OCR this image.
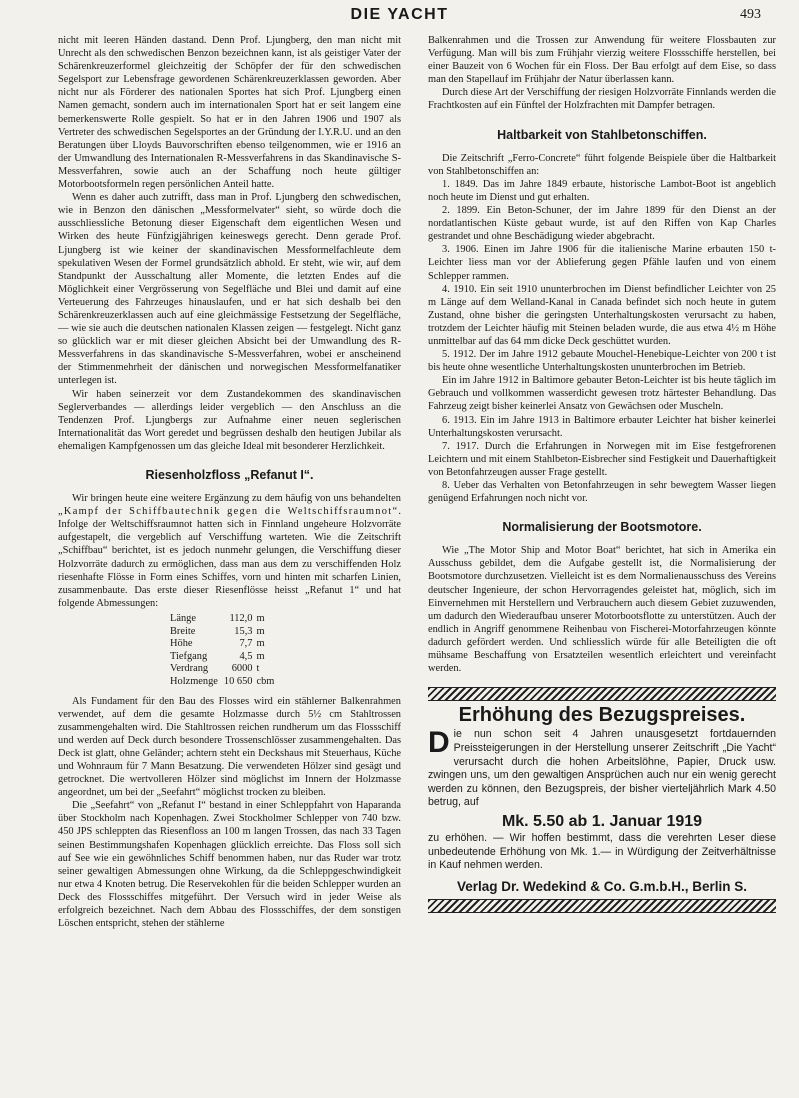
DIE YACHT	493

nicht mit leeren Händen dastand. Denn Prof. Ljungberg, den man nicht mit Unrecht als den schwedischen Benzon bezeichnen kann, ist als geistiger Vater der Schärenkreuzerformel gleichzeitig der Schöpfer der für den schwedischen Segelsport zur Lebensfrage gewordenen Schärenkreuzerklassen geworden. Aber nicht nur als Förderer des nationalen Sportes hat sich Prof. Ljungberg einen Namen gemacht, sondern auch im internationalen Sport hat er seit langem eine bemerkenswerte Rolle gespielt. So hat er in den Jahren 1906 und 1907 als Vertreter des schwedischen Segelsportes an der Gründung der I.Y.R.U. und an den Beratungen über Lloyds Bauvorschriften ebenso teilgenommen, wie er 1916 an der Umwandlung des Internationalen R-Messverfahrens in das Skandinavische S-Messverfahren, sowie auch an der Schaffung noch heute gültiger Motorbootsformeln regen persönlichen Anteil hatte.

Wenn es daher auch zutrifft, dass man in Prof. Ljungberg den schwedischen, wie in Benzon den dänischen „Messformelvater“ sieht, so würde doch die ausschliessliche Betonung dieser Eigenschaft dem eigentlichen Wesen und Wirken des heute Fünfzigjährigen keineswegs gerecht. Denn gerade Prof. Ljungberg ist wie keiner der skandinavischen Messformelfachleute dem spekulativen Wesen der Formel grundsätzlich abhold. Er steht, wie wir, auf dem Standpunkt der Ausschaltung aller Momente, die letzten Endes auf die Möglichkeit einer Vergrösserung von Segelfläche und Blei und damit auf eine Verteuerung des Fahrzeuges hinauslaufen, und er hat sich deshalb bei den Schärenkreuzerklassen auch auf eine gleichmässige Festsetzung der Segelfläche, — wie sie auch die deutschen nationalen Klassen zeigen — festgelegt. Nicht ganz so glücklich war er mit dieser gleichen Absicht bei der Umwandlung des R-Messverfahrens in das skandinavische S-Messverfahren, wobei er anscheinend der Stimmenmehrheit der dänischen und norwegischen Messformelfanatiker unterlegen ist.

Wir haben seinerzeit vor dem Zustandekommen des skandinavischen Seglerverbandes — allerdings leider vergeblich — den Anschluss an die Tendenzen Prof. Ljungbergs zur Aufnahme einer neuen seglerischen Internationalität das Wort geredet und begrüssen deshalb den heutigen Jubilar als ehemaligen Kampfgenossen um das gleiche Ideal mit besonderer Herzlichkeit.

Riesenholzfloss „Refanut I“.

Wir bringen heute eine weitere Ergänzung zu dem häufig von uns behandelten „Kampf der Schiffbautechnik gegen die Weltschiffsraumnot“. Infolge der Weltschiffsraumnot hatten sich in Finnland ungeheure Holzvorräte aufgestapelt, die vergeblich auf Verschiffung warteten. Wie die Zeitschrift „Schiffbau“ berichtet, ist es jedoch nunmehr gelungen, die Verschiffung dieser Holzvorräte dadurch zu ermöglichen, dass man aus dem zu verschiffenden Holz riesenhafte Flösse in Form eines Schiffes, vorn und hinten mit scharfen Linien, zusammenbaute. Das erste dieser Riesenflösse heisst „Refanut 1“ und hat folgende Abmessungen:

Länge	112,0	m
Breite	15,3	m
Höhe	7,7	m
Tiefgang	4,5	m
Verdrang	6000	t
Holzmenge	10 650	cbm

Als Fundament für den Bau des Flosses wird ein stählerner Balkenrahmen verwendet, auf dem die gesamte Holzmasse durch 5½ cm Stahltrossen zusammengehalten wird. Die Stahltrossen reichen rundherum um das Flossschiff und werden auf Deck durch besondere Trossenschlösser zusammengehalten. Das Deck ist glatt, ohne Geländer; achtern steht ein Deckshaus mit Steuerhaus, Küche und Wohnraum für 7 Mann Besatzung. Die verwendeten Hölzer sind gesägt und getrocknet. Die wertvolleren Hölzer sind möglichst im Innern der Holzmasse angeordnet, um bei der „Seefahrt“ möglichst trocken zu bleiben.

Die „Seefahrt“ von „Refanut I“ bestand in einer Schleppfahrt von Haparanda über Stockholm nach Kopenhagen. Zwei Stockholmer Schlepper von 740 bzw. 450 JPS schleppten das Riesenfloss an 100 m langen Trossen, das nach 33 Tagen seinen Bestimmungshafen Kopenhagen glücklich erreichte. Das Floss soll sich auf See wie ein gewöhnliches Schiff benommen haben, nur das Ruder war trotz seiner gewaltigen Abmessungen ohne Wirkung, da die Schleppgeschwindigkeit nur etwa 4 Knoten betrug. Die Reservekohlen für die beiden Schlepper wurden an Deck des Flossschiffes mitgeführt. Der Versuch wird in jeder Weise als erfolgreich bezeichnet. Nach dem Abbau des Flossschiffes, der dem sonstigen Löschen entspricht, stehen der stählerne

Balkenrahmen und die Trossen zur Anwendung für weitere Flossbauten zur Verfügung. Man will bis zum Frühjahr vierzig weitere Flossschiffe herstellen, bei einer Bauzeit von 6 Wochen für ein Floss. Der Bau erfolgt auf dem Eise, so dass man den Stapellauf im Frühjahr der Natur überlassen kann.

Durch diese Art der Verschiffung der riesigen Holzvorräte Finnlands werden die Frachtkosten auf ein Fünftel der Holzfrachten mit Dampfer betragen.

Haltbarkeit von Stahlbetonschiffen.

Die Zeitschrift „Ferro-Concrete“ führt folgende Beispiele über die Haltbarkeit von Stahlbetonschiffen an:

1. 1849. Das im Jahre 1849 erbaute, historische Lambot-Boot ist angeblich noch heute im Dienst und gut erhalten.

2. 1899. Ein Beton-Schuner, der im Jahre 1899 für den Dienst an der nordatlantischen Küste gebaut wurde, ist auf den Riffen von Kap Charles gestrandet und ohne Beschädigung wieder abgebracht.

3. 1906. Einen im Jahre 1906 für die italienische Marine erbauten 150 t-Leichter liess man vor der Ablieferung gegen Pfähle laufen und von einem Schlepper rammen.

4. 1910. Ein seit 1910 ununterbrochen im Dienst befindlicher Leichter von 25 m Länge auf dem Welland-Kanal in Canada befindet sich noch heute in gutem Zustand, ohne bisher die geringsten Unterhaltungskosten verursacht zu haben, trotzdem der Leichter häufig mit Steinen beladen wurde, die aus etwa 4½ m Höhe unmittelbar auf das 64 mm dicke Deck geschüttet wurden.

5. 1912. Der im Jahre 1912 gebaute Mouchel-Henebique-Leichter von 200 t ist bis heute ohne wesentliche Unterhaltungskosten ununterbrochen im Betrieb.

Ein im Jahre 1912 in Baltimore gebauter Beton-Leichter ist bis heute täglich im Gebrauch und vollkommen wasserdicht gewesen trotz härtester Behandlung. Das Fahrzeug zeigt bisher keinerlei Ansatz von Gewächsen oder Muscheln.

6. 1913. Ein im Jahre 1913 in Baltimore erbauter Leichter hat bisher keinerlei Unterhaltungskosten verursacht.

7. 1917. Durch die Erfahrungen in Norwegen mit im Eise festgefrorenen Leichtern und mit einem Stahlbeton-Eisbrecher sind Festigkeit und Dauerhaftigkeit von Betonfahrzeugen ausser Frage gestellt.

8. Ueber das Verhalten von Betonfahrzeugen in sehr bewegtem Wasser liegen genügend Erfahrungen noch nicht vor.

Normalisierung der Bootsmotore.

Wie „The Motor Ship and Motor Boat“ berichtet, hat sich in Amerika ein Ausschuss gebildet, dem die Aufgabe gestellt ist, die Normalisierung der Bootsmotore durchzusetzen. Vielleicht ist es dem Normalienausschuss des Vereins deutscher Ingenieure, der schon Hervorragendes geleistet hat, möglich, sich im Einvernehmen mit Herstellern und Verbrauchern auch diesem Gebiet zuzuwenden, um dadurch den Wiederaufbau unserer Motorbootsflotte zu unterstützen. Auch der endlich in Angriff genommene Reihenbau von Fischerei-Motorfahrzeugen könnte dadurch gefördert werden. Und schliesslich würde für alle Beteiligten die oft mühsame Beschaffung von Ersatzteilen wesentlich erleichtert und vereinfacht werden.

Erhöhung des Bezugspreises.
Die nun schon seit 4 Jahren unausgesetzt fortdauernden Preissteigerungen in der Herstellung unserer Zeitschrift „Die Yacht“ verursacht durch die hohen Arbeitslöhne, Papier, Druck usw. zwingen uns, um den gewaltigen Ansprüchen auch nur ein wenig gerecht werden zu können, den Bezugspreis, der bisher vierteljährlich Mark 4.50 betrug, auf
Mk. 5.50 ab 1. Januar 1919
zu erhöhen. — Wir hoffen bestimmt, dass die verehrten Leser diese unbedeutende Erhöhung von Mk. 1.— in Würdigung der Zeitverhältnisse in Kauf nehmen werden.
Verlag Dr. Wedekind & Co. G.m.b.H., Berlin S.
